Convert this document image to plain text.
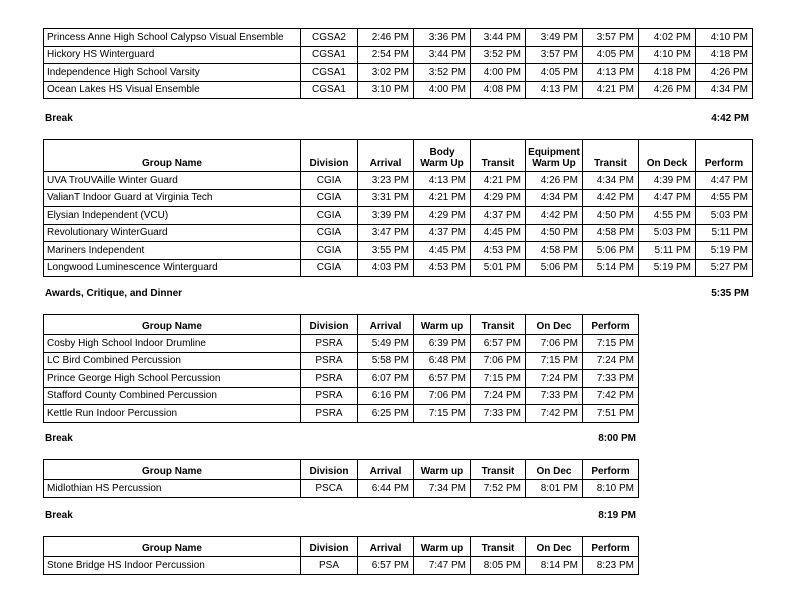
Princess Anne High School Calypso Visual Ensemble	CGSA2	2:46 PM	3:36 PM	3:44 PM	3:49 PM	3:57 PM	4:02 PM	4:10 PM
Hickory HS Winterguard	CGSA1	2:54 PM	3:44 PM	3:52 PM	3:57 PM	4:05 PM	4:10 PM	4:18 PM
Independence High School Varsity	CGSA1	3:02 PM	3:52 PM	4:00 PM	4:05 PM	4:13 PM	4:18 PM	4:26 PM
Ocean Lakes HS Visual Ensemble	CGSA1	3:10 PM	4:00 PM	4:08 PM	4:13 PM	4:21 PM	4:26 PM	4:34 PM
Break	4:42 PM
Group Name	Division	Arrival	Body Warm Up	Transit	Equipment Warm Up	Transit	On Deck	Perform
UVA TroUVAille Winter Guard	CGIA	3:23 PM	4:13 PM	4:21 PM	4:26 PM	4:34 PM	4:39 PM	4:47 PM
ValianT Indoor Guard at Virginia Tech	CGIA	3:31 PM	4:21 PM	4:29 PM	4:34 PM	4:42 PM	4:47 PM	4:55 PM
Elysian Independent (VCU)	CGIA	3:39 PM	4:29 PM	4:37 PM	4:42 PM	4:50 PM	4:55 PM	5:03 PM
Revolutionary WinterGuard	CGIA	3:47 PM	4:37 PM	4:45 PM	4:50 PM	4:58 PM	5:03 PM	5:11 PM
Mariners Independent	CGIA	3:55 PM	4:45 PM	4:53 PM	4:58 PM	5:06 PM	5:11 PM	5:19 PM
Longwood Luminescence Winterguard	CGIA	4:03 PM	4:53 PM	5:01 PM	5:06 PM	5:14 PM	5:19 PM	5:27 PM
Awards, Critique, and Dinner	5:35 PM
Group Name	Division	Arrival	Warm up	Transit	On Dec	Perform
Cosby High School Indoor Drumline	PSRA	5:49 PM	6:39 PM	6:57 PM	7:06 PM	7:15 PM
LC Bird Combined Percussion	PSRA	5:58 PM	6:48 PM	7:06 PM	7:15 PM	7:24 PM
Prince George High School Percussion	PSRA	6:07 PM	6:57 PM	7:15 PM	7:24 PM	7:33 PM
Stafford County Combined Percussion	PSRA	6:16 PM	7:06 PM	7:24 PM	7:33 PM	7:42 PM
Kettle Run Indoor Percussion	PSRA	6:25 PM	7:15 PM	7:33 PM	7:42 PM	7:51 PM
Break	8:00 PM
Group Name	Division	Arrival	Warm up	Transit	On Dec	Perform
Midlothian HS Percussion	PSCA	6:44 PM	7:34 PM	7:52 PM	8:01 PM	8:10 PM
Break	8:19 PM
Group Name	Division	Arrival	Warm up	Transit	On Dec	Perform
Stone Bridge HS Indoor Percussion	PSA	6:57 PM	7:47 PM	8:05 PM	8:14 PM	8:23 PM
